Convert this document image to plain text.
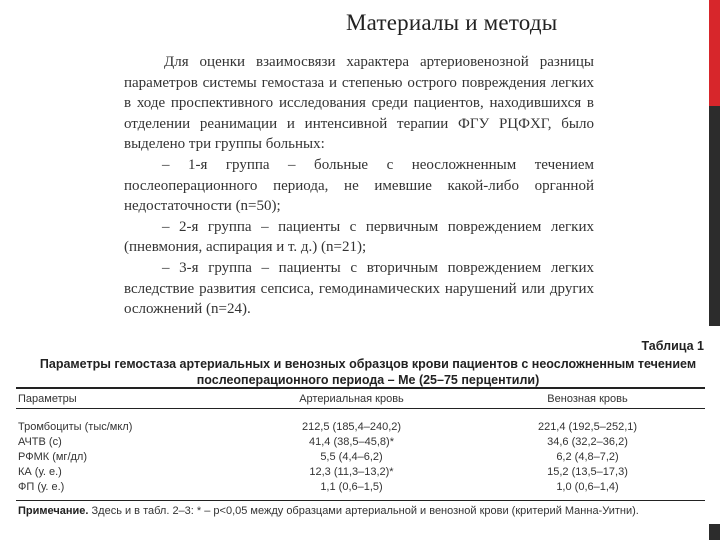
Материалы и методы

Для оценки взаимосвязи характера артериовенозной разницы параметров системы гемостаза и степенью острого повреждения легких в ходе проспективного исследования среди пациентов, находившихся в отделении реанимации и интенсивной терапии ФГУ РЦФХГ, было выделено три группы больных:

– 1-я группа – больные с неосложненным течением послеоперационного периода, не имевшие какой-либо органной недостаточности (n=50);

– 2-я группа – пациенты с первичным повреждением легких (пневмония, аспирация и т. д.) (n=21);

– 3-я группа – пациенты с вторичным повреждением легких вследствие развития сепсиса, гемодинамических нарушений или других осложнений (n=24).

Таблица 1
Параметры гемостаза артериальных и венозных образцов крови пациентов с неосложненным течением послеоперационного периода – Me (25–75 перцентили)
Параметры	Артериальная кровь	Венозная кровь
Тромбоциты (тыс/мкл)	212,5 (185,4–240,2)	221,4 (192,5–252,1)
АЧТВ (с)	41,4 (38,5–45,8)*	34,6 (32,2–36,2)
РФМК (мг/дл)	5,5 (4,4–6,2)	6,2 (4,8–7,2)
КА (у. е.)	12,3 (11,3–13,2)*	15,2 (13,5–17,3)
ФП (у. е.)	1,1 (0,6–1,5)	1,0 (0,6–1,4)
Примечание. Здесь и в табл. 2–3: * – p<0,05 между образцами артериальной и венозной крови (критерий Манна-Уитни).
